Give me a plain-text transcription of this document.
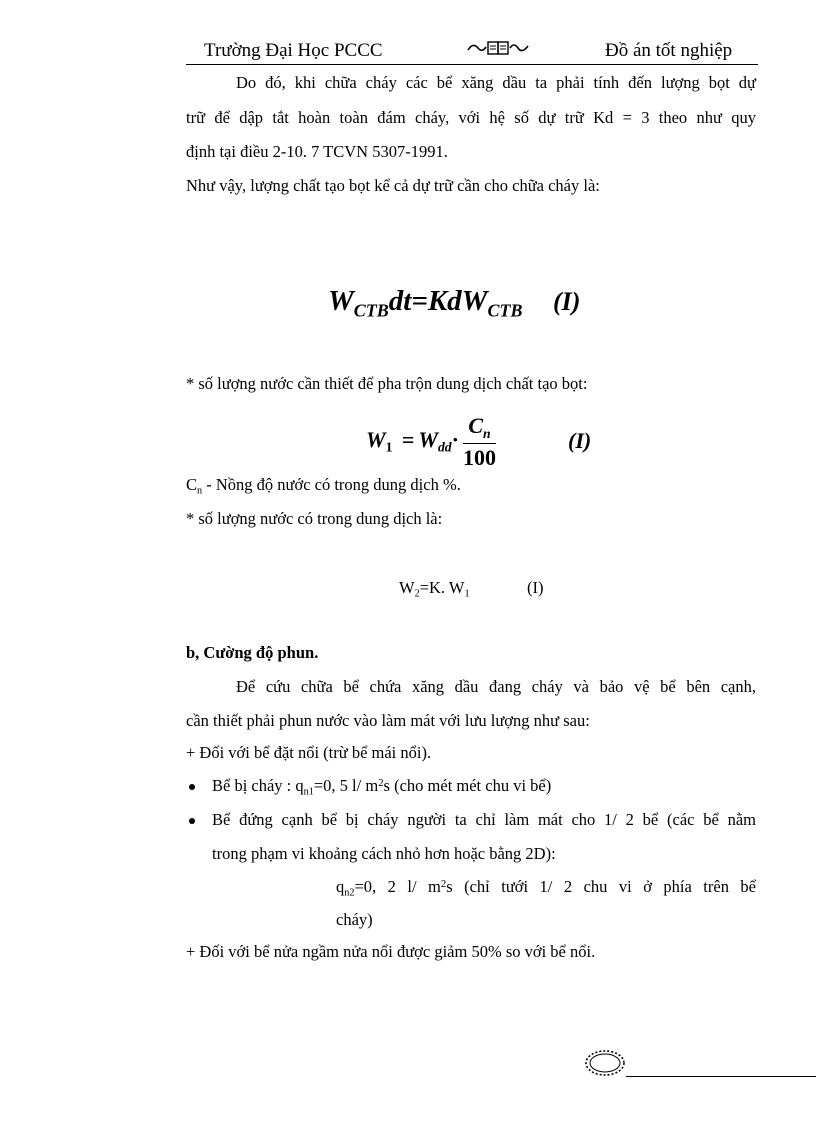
Trường Đại Học PCCC	Đồ án tốt nghiệp
Do đó, khi chữa cháy các bể xăng dầu ta phải tính đến lượng bọt dự
trữ để dập tắt hoàn toàn đám cháy, với hệ số dự trữ Kd = 3 theo như quy
định tại điều 2-10. 7 TCVN 5307-1991.
Như vậy, lượng chất tạo bọt kể cả dự trữ cần cho chữa cháy là:
$W_{CTB}dt=KdW_{CTB}$ (I)
* số lượng nước cần thiết để pha trộn dung dịch chất tạo bọt:
$W_1 = W_{dd}\cdot \frac{C_n}{100}$	(I)
$C_n$ - Nồng độ nước có trong dung dịch %.
* số lượng nước có trong dung dịch là:
$W_2=K$. $W_1$	(I)
b, Cường độ phun.
Để cứu chữa bể chứa xăng dầu đang cháy và bảo vệ bể bên cạnh,
cần thiết phải phun nước vào làm mát với lưu lượng như sau:
+ Đối với bể đặt nổi (trừ bể mái nổi).
Bể bị cháy : $q_{n1}=0$, 5 l/ $m^2s$ (cho mét mét chu vi bể)
Bể đứng cạnh bể bị cháy người ta chỉ làm mát cho 1/ 2 bể (các bể nằm
trong phạm vi khoảng cách nhỏ hơn hoặc bằng 2D):
$q_{n2}=0$, 2 l/ $m^2s$ (chỉ tưới 1/ 2 chu vi ở phía trên bể
cháy)
+ Đối với bể nửa ngầm nửa nổi được giảm 50% so với bể nổi.
